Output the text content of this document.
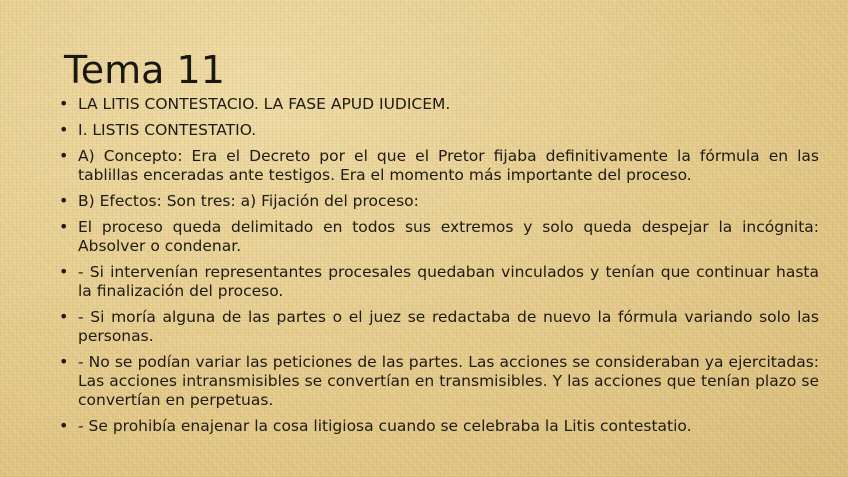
Tema 11
• LA LITIS CONTESTACIO. LA FASE APUD IUDICEM.
• I. LISTIS CONTESTATIO.
• A) Concepto: Era el Decreto por el que el Pretor fijaba definitivamente la fórmula en las tablillas enceradas ante testigos. Era el momento más importante del proceso.
• B) Efectos: Son tres: a) Fijación del proceso:
• El proceso queda delimitado en todos sus extremos y solo queda despejar la incógnita: Absolver o condenar.
• - Si intervenían representantes procesales quedaban vinculados y tenían que continuar hasta la finalización del proceso.
• - Si moría alguna de las partes o el juez se redactaba de nuevo la fórmula variando solo las personas.
• - No se podían variar las peticiones de las partes. Las acciones se consideraban ya ejercitadas: Las acciones intransmisibles se convertían en transmisibles. Y las acciones que tenían plazo se convertían en perpetuas.
• - Se prohibía enajenar la cosa litigiosa cuando se celebraba la Litis contestatio.
